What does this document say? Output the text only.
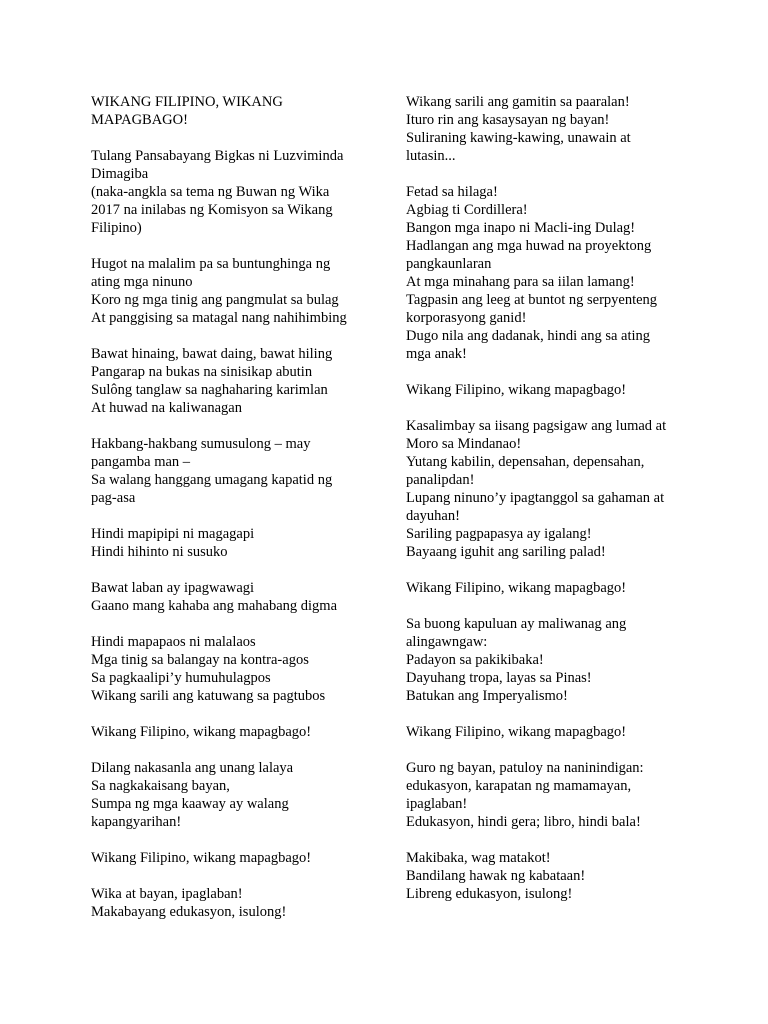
WIKANG FILIPINO, WIKANG
MAPAGBAGO!
Tulang Pansabayang Bigkas ni Luzviminda
Dimagiba
(naka-angkla sa tema ng Buwan ng Wika
2017 na inilabas ng Komisyon sa Wikang
Filipino)
Hugot na malalim pa sa buntunghinga ng
ating mga ninuno
Koro ng mga tinig ang pangmulat sa bulag
At panggising sa matagal nang nahihimbing
Bawat hinaing, bawat daing, bawat hiling
Pangarap na bukas na sinisikap abutin
Sulông tanglaw sa naghaharing karimlan
At huwad na kaliwanagan
Hakbang-hakbang sumusulong – may
pangamba man –
Sa walang hanggang umagang kapatid ng
pag-asa
Hindi mapipipi ni magagapi
Hindi hihinto ni susuko
Bawat laban ay ipagwawagi
Gaano mang kahaba ang mahabang digma
Hindi mapapaos ni malalaos
Mga tinig sa balangay na kontra-agos
Sa pagkaalipi’y humuhulagpos
Wikang sarili ang katuwang sa pagtubos
Wikang Filipino, wikang mapagbago!
Dilang nakasanla ang unang lalaya
Sa nagkakaisang bayan,
Sumpa ng mga kaaway ay walang
kapangyarihan!
Wikang Filipino, wikang mapagbago!
Wika at bayan, ipaglaban!
Makabayang edukasyon, isulong!
Wikang sarili ang gamitin sa paaralan!
Ituro rin ang kasaysayan ng bayan!
Suliraning kawing-kawing, unawain at
lutasin...
Fetad sa hilaga!
Agbiag ti Cordillera!
Bangon mga inapo ni Macli-ing Dulag!
Hadlangan ang mga huwad na proyektong
pangkaunlaran
At mga minahang para sa iilan lamang!
Tagpasin ang leeg at buntot ng serpyenteng
korporasyong ganid!
Dugo nila ang dadanak, hindi ang sa ating
mga anak!
Wikang Filipino, wikang mapagbago!
Kasalimbay sa iisang pagsigaw ang lumad at
Moro sa Mindanao!
Yutang kabilin, depensahan, depensahan,
panalipdan!
Lupang ninuno’y ipagtanggol sa gahaman at
dayuhan!
Sariling pagpapasya ay igalang!
Bayaang iguhit ang sariling palad!
Wikang Filipino, wikang mapagbago!
Sa buong kapuluan ay maliwanag ang
alingawngaw:
Padayon sa pakikibaka!
Dayuhang tropa, layas sa Pinas!
Batukan ang Imperyalismo!
Wikang Filipino, wikang mapagbago!
Guro ng bayan, patuloy na naninindigan:
edukasyon, karapatan ng mamamayan,
ipaglaban!
Edukasyon, hindi gera; libro, hindi bala!
Makibaka, wag matakot!
Bandilang hawak ng kabataan!
Libreng edukasyon, isulong!
